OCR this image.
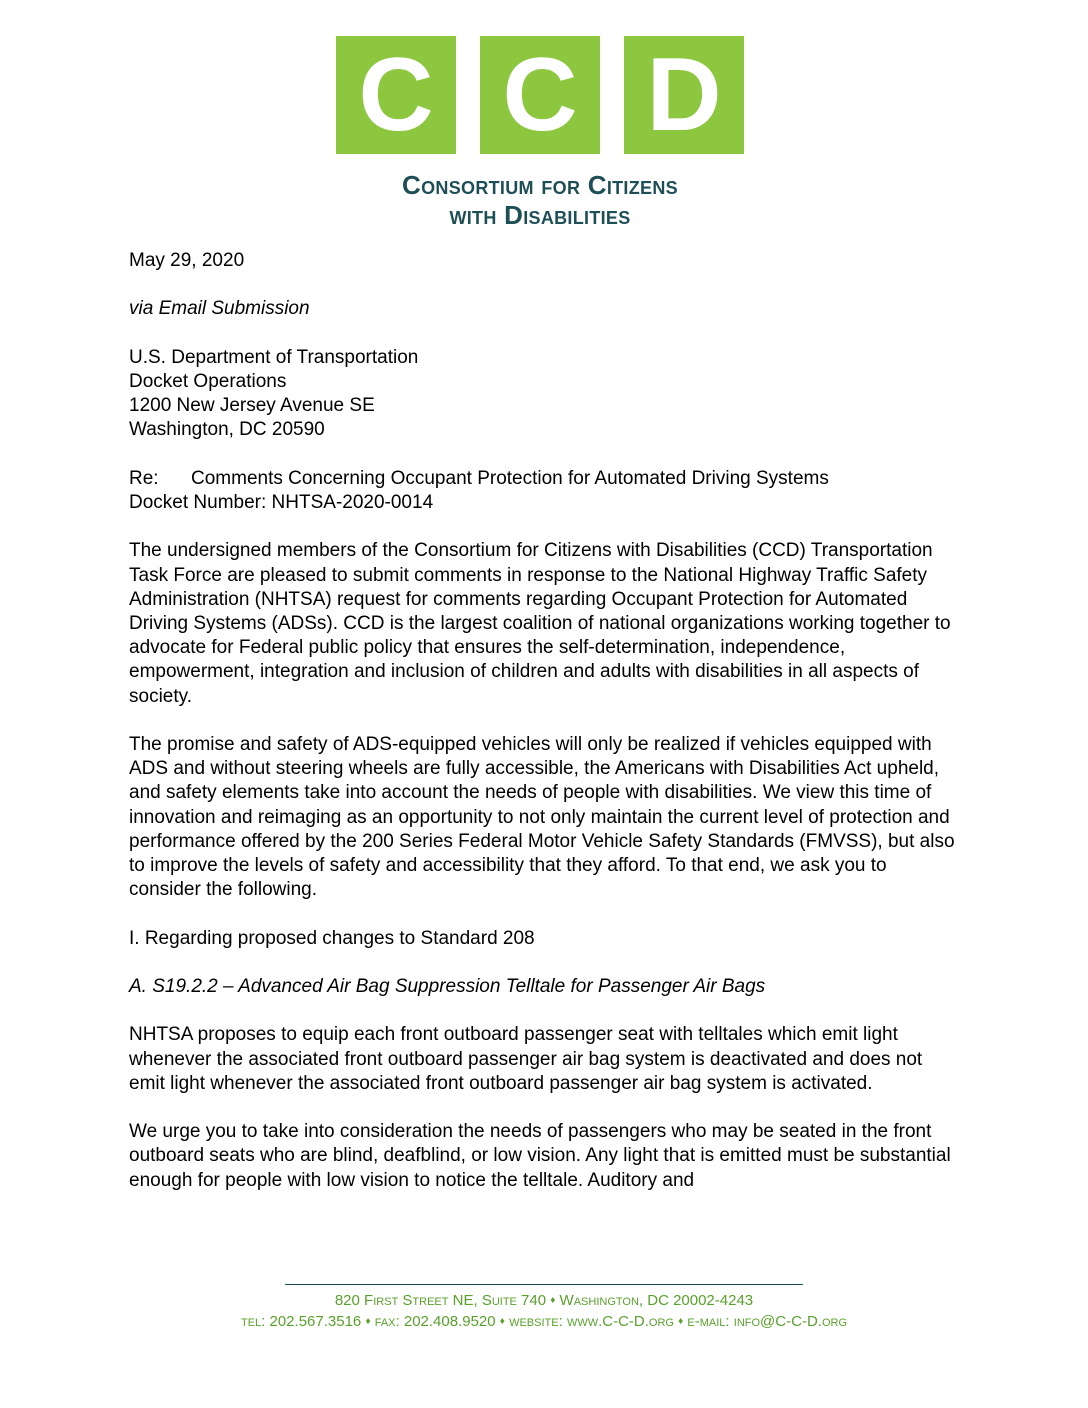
C C D
Consortium for Citizens
with Disabilities

May 29, 2020

via Email Submission

U.S. Department of Transportation
Docket Operations
1200 New Jersey Avenue SE
Washington, DC 20590

Re: Comments Concerning Occupant Protection for Automated Driving Systems
Docket Number: NHTSA-2020-0014

The undersigned members of the Consortium for Citizens with Disabilities (CCD) Transportation Task Force are pleased to submit comments in response to the National Highway Traffic Safety Administration (NHTSA) request for comments regarding Occupant Protection for Automated Driving Systems (ADSs). CCD is the largest coalition of national organizations working together to advocate for Federal public policy that ensures the self-determination, independence, empowerment, integration and inclusion of children and adults with disabilities in all aspects of society.

The promise and safety of ADS-equipped vehicles will only be realized if vehicles equipped with ADS and without steering wheels are fully accessible, the Americans with Disabilities Act upheld, and safety elements take into account the needs of people with disabilities. We view this time of innovation and reimaging as an opportunity to not only maintain the current level of protection and performance offered by the 200 Series Federal Motor Vehicle Safety Standards (FMVSS), but also to improve the levels of safety and accessibility that they afford. To that end, we ask you to consider the following.

I. Regarding proposed changes to Standard 208

A. S19.2.2 – Advanced Air Bag Suppression Telltale for Passenger Air Bags

NHTSA proposes to equip each front outboard passenger seat with telltales which emit light whenever the associated front outboard passenger air bag system is deactivated and does not emit light whenever the associated front outboard passenger air bag system is activated.

We urge you to take into consideration the needs of passengers who may be seated in the front outboard seats who are blind, deafblind, or low vision. Any light that is emitted must be substantial enough for people with low vision to notice the telltale. Auditory and

820 First Street NE, Suite 740 ♦ Washington, DC 20002-4243
tel: 202.567.3516 ♦ fax: 202.408.9520 ♦ website: www.C-C-D.org ♦ e-mail: info@C-C-D.org
